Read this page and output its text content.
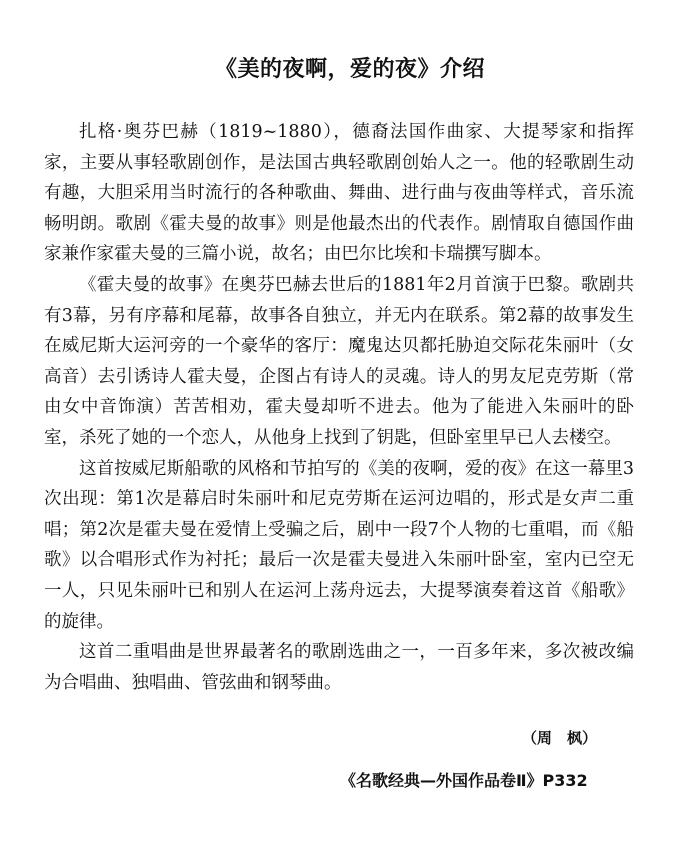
《美的夜啊，爱的夜》介绍

扎格·奥芬巴赫（1819~1880），德裔法国作曲家、大提琴家和指挥家，主要从事轻歌剧创作，是法国古典轻歌剧创始人之一。他的轻歌剧生动有趣，大胆采用当时流行的各种歌曲、舞曲、进行曲与夜曲等样式，音乐流畅明朗。歌剧《霍夫曼的故事》则是他最杰出的代表作。剧情取自德国作曲家兼作家霍夫曼的三篇小说，故名；由巴尔比埃和卡瑞撰写脚本。

《霍夫曼的故事》在奥芬巴赫去世后的1881年2月首演于巴黎。歌剧共有3幕，另有序幕和尾幕，故事各自独立，并无内在联系。第2幕的故事发生在威尼斯大运河旁的一个豪华的客厅：魔鬼达贝都托胁迫交际花朱丽叶（女高音）去引诱诗人霍夫曼，企图占有诗人的灵魂。诗人的男友尼克劳斯（常由女中音饰演）苦苦相劝，霍夫曼却听不进去。他为了能进入朱丽叶的卧室，杀死了她的一个恋人，从他身上找到了钥匙，但卧室里早已人去楼空。

这首按威尼斯船歌的风格和节拍写的《美的夜啊，爱的夜》在这一幕里3次出现：第1次是幕启时朱丽叶和尼克劳斯在运河边唱的，形式是女声二重唱；第2次是霍夫曼在爱情上受骗之后，剧中一段7个人物的七重唱，而《船歌》以合唱形式作为衬托；最后一次是霍夫曼进入朱丽叶卧室，室内已空无一人，只见朱丽叶已和别人在运河上荡舟远去，大提琴演奏着这首《船歌》的旋律。

这首二重唱曲是世界最著名的歌剧选曲之一，一百多年来，多次被改编为合唱曲、独唱曲、管弦曲和钢琴曲。

（周　枫）
《名歌经典—外国作品卷Ⅱ》P332
